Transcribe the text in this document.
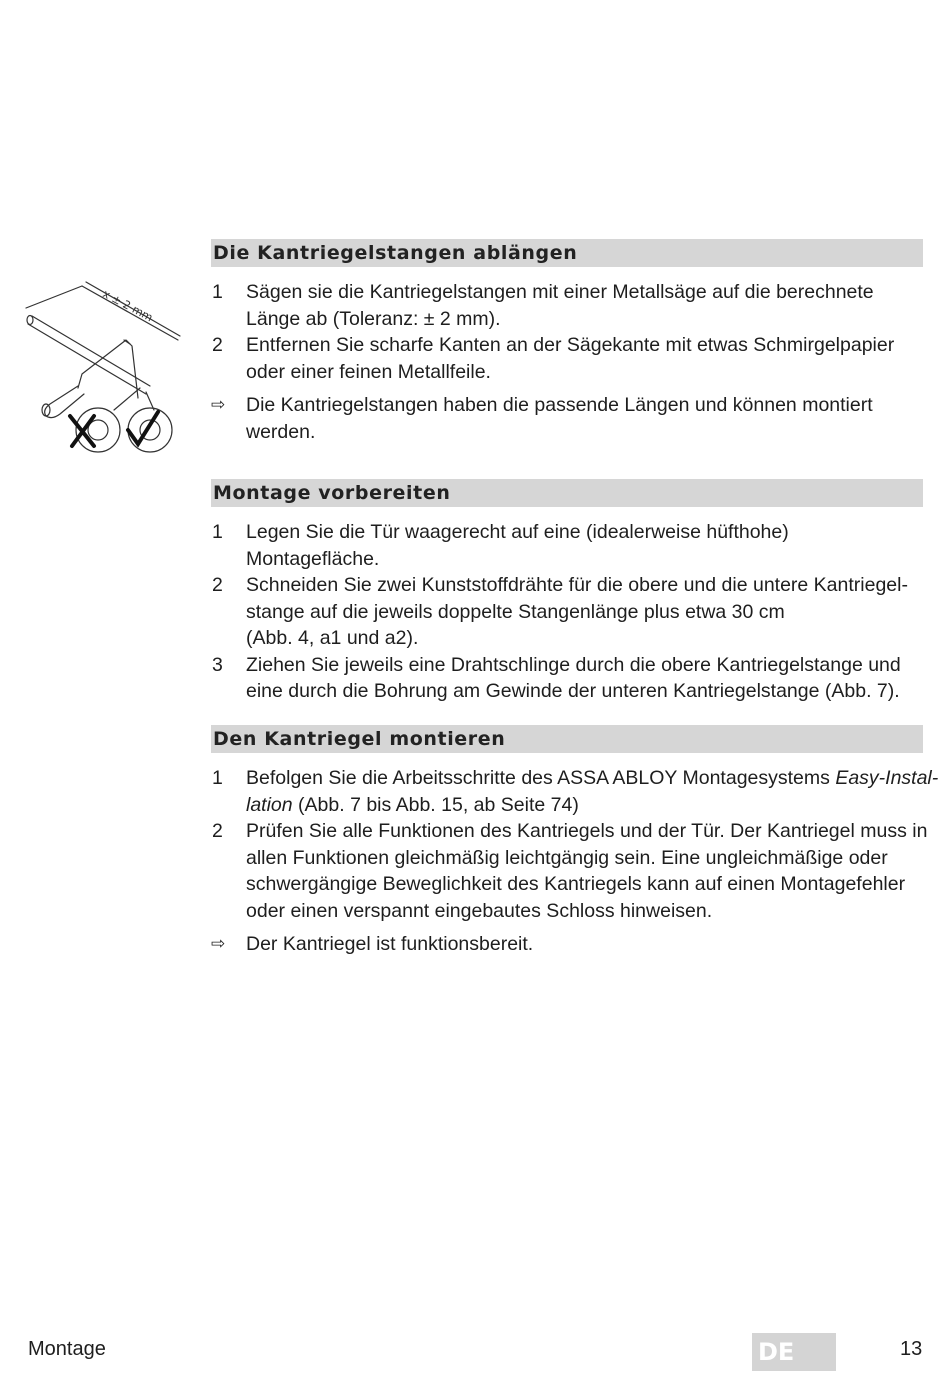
x ± 2 mm
Die Kantriegelstangen ablängen
1 Sägen sie die Kantriegelstangen mit einer Metallsäge auf die berechnete
Länge ab (Toleranz: ± 2 mm).
2 Entfernen Sie scharfe Kanten an der Sägekante mit etwas Schmirgelpapier
oder einer feinen Metallfeile.
⇨ Die Kantriegelstangen haben die passende Längen und können montiert
werden.
Montage vorbereiten
1 Legen Sie die Tür waagerecht auf eine (idealerweise hüfthohe)
Montagefläche.
2 Schneiden Sie zwei Kunststoffdrähte für die obere und die untere Kantriegel-
stange auf die jeweils doppelte Stangenlänge plus etwa 30 cm
(Abb. 4, a1 und a2).
3 Ziehen Sie jeweils eine Drahtschlinge durch die obere Kantriegelstange und
eine durch die Bohrung am Gewinde der unteren Kantriegelstange (Abb. 7).
Den Kantriegel montieren
1 Befolgen Sie die Arbeitsschritte des ASSA ABLOY Montagesystems Easy-Instal-
lation (Abb. 7 bis Abb. 15, ab Seite 74)
2 Prüfen Sie alle Funktionen des Kantriegels und der Tür. Der Kantriegel muss in
allen Funktionen gleichmäßig leichtgängig sein. Eine ungleichmäßige oder
schwergängige Beweglichkeit des Kantriegels kann auf einen Montagefehler
oder einen verspannt eingebautes Schloss hinweisen.
⇨ Der Kantriegel ist funktionsbereit.
Montage	DE	13
